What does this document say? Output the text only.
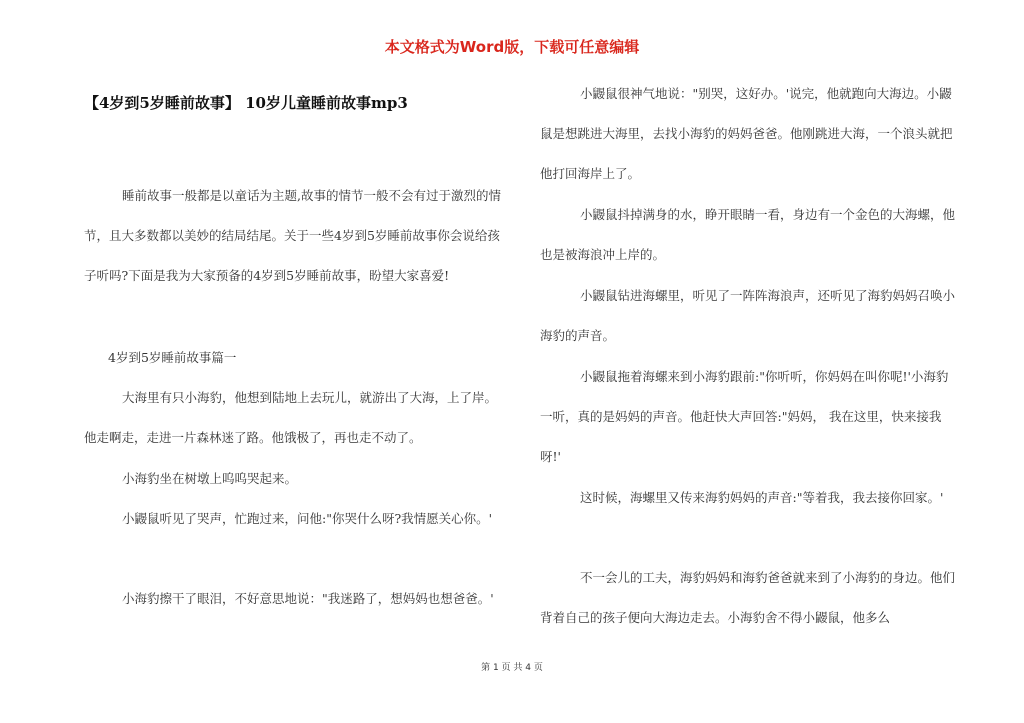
本文格式为Word版，下载可任意编辑
【4岁到5岁睡前故事】 10岁儿童睡前故事mp3

睡前故事一般都是以童话为主题,故事的情节一般不会有过于激烈的情节，且大多数都以美妙的结局结尾。关于一些4岁到5岁睡前故事你会说给孩子听吗?下面是我为大家预备的4岁到5岁睡前故事，盼望大家喜爱!

4岁到5岁睡前故事篇一

大海里有只小海豹，他想到陆地上去玩儿，就游出了大海，上了岸。他走啊走，走进一片森林迷了路。他饿极了，再也走不动了。

小海豹坐在树墩上呜呜哭起来。

小鼹鼠听见了哭声，忙跑过来，问他:"你哭什么呀?我情愿关心你。'

小海豹擦干了眼泪，不好意思地说："我迷路了，想妈妈也想爸爸。'

小鼹鼠很神气地说："别哭，这好办。'说完，他就跑向大海边。小鼹鼠是想跳进大海里，去找小海豹的妈妈爸爸。他刚跳进大海，一个浪头就把他打回海岸上了。

小鼹鼠抖掉满身的水，睁开眼睛一看，身边有一个金色的大海螺，他也是被海浪冲上岸的。

小鼹鼠钻进海螺里，听见了一阵阵海浪声，还听见了海豹妈妈召唤小海豹的声音。

小鼹鼠拖着海螺来到小海豹跟前:"你听听，你妈妈在叫你呢!'小海豹一听，真的是妈妈的声音。他赶快大声回答:"妈妈， 我在这里，快来接我呀!'

这时候，海螺里又传来海豹妈妈的声音:"等着我，我去接你回家。'

不一会儿的工夫，海豹妈妈和海豹爸爸就来到了小海豹的身边。他们背着自己的孩子便向大海边走去。小海豹舍不得小鼹鼠，他多么

第 1 页 共 4 页
